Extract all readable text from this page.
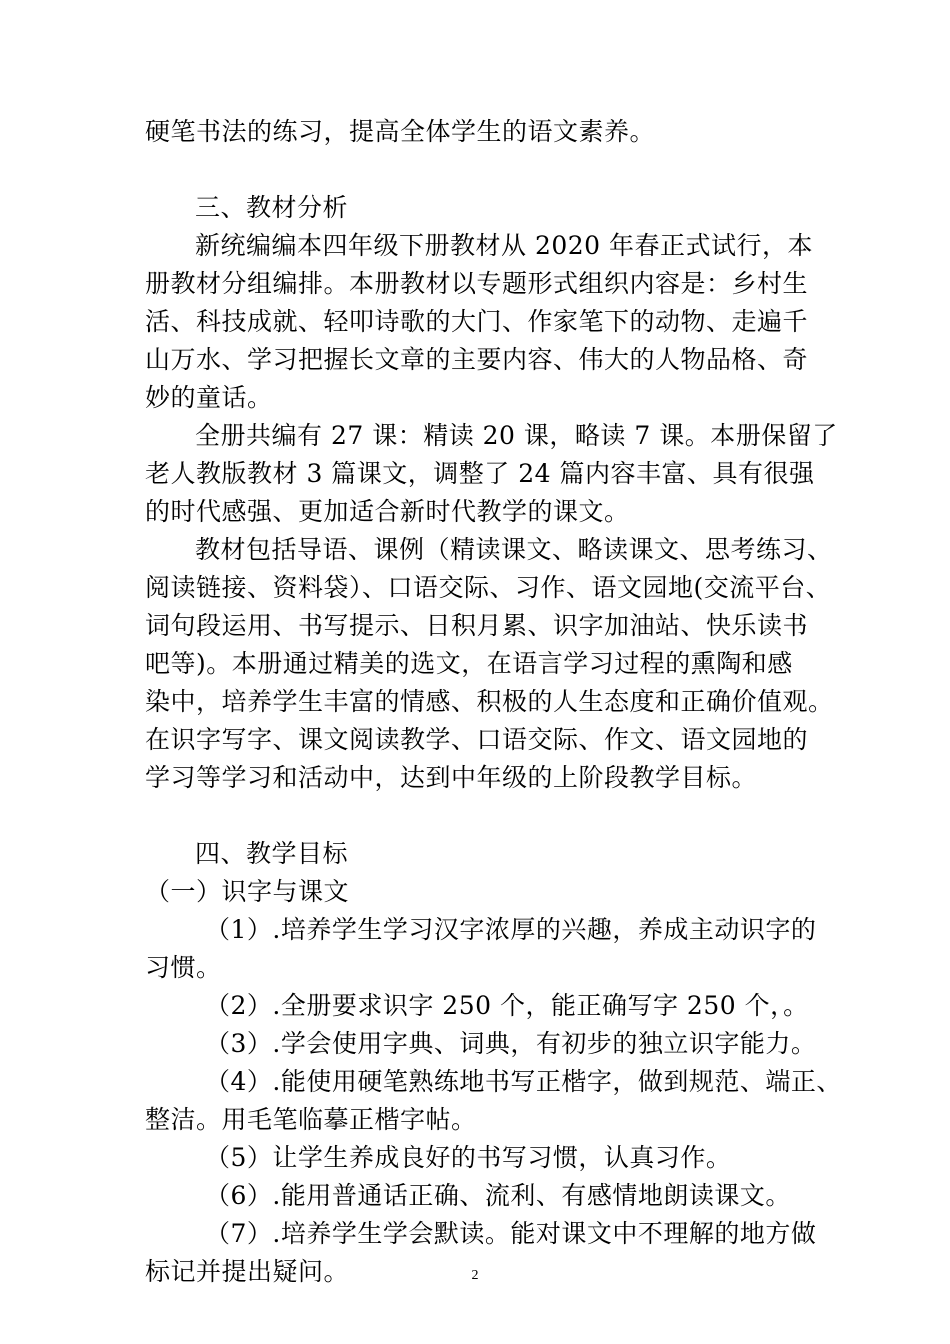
硬笔书法的练习，提高全体学生的语文素养。
三、教材分析
新统编编本四年级下册教材从 2020 年春正式试行，本
册教材分组编排。本册教材以专题形式组织内容是：乡村生
活、科技成就、轻叩诗歌的大门、作家笔下的动物、走遍千
山万水、学习把握长文章的主要内容、伟大的人物品格、奇
妙的童话。
全册共编有 27 课：精读 20 课，略读 7 课。本册保留了
老人教版教材 3 篇课文，调整了 24 篇内容丰富、具有很强
的时代感强、更加适合新时代教学的课文。
教材包括导语、课例（精读课文、略读课文、思考练习、
阅读链接、资料袋）、口语交际、习作、语文园地(交流平台、
词句段运用、书写提示、日积月累、识字加油站、快乐读书
吧等)。本册通过精美的选文，在语言学习过程的熏陶和感
染中，培养学生丰富的情感、积极的人生态度和正确价值观。
在识字写字、课文阅读教学、口语交际、作文、语文园地的
学习等学习和活动中，达到中年级的上阶段教学目标。
四、教学目标
（一）识字与课文
（1）.培养学生学习汉字浓厚的兴趣，养成主动识字的
习惯。
（2）.全册要求识字 250 个，能正确写字 250 个，。
（3）.学会使用字典、词典，有初步的独立识字能力。
（4）.能使用硬笔熟练地书写正楷字，做到规范、端正、
整洁。用毛笔临摹正楷字帖。
（5）让学生养成良好的书写习惯，认真习作。
（6）.能用普通话正确、流利、有感情地朗读课文。
（7）.培养学生学会默读。能对课文中不理解的地方做
标记并提出疑问。	2
